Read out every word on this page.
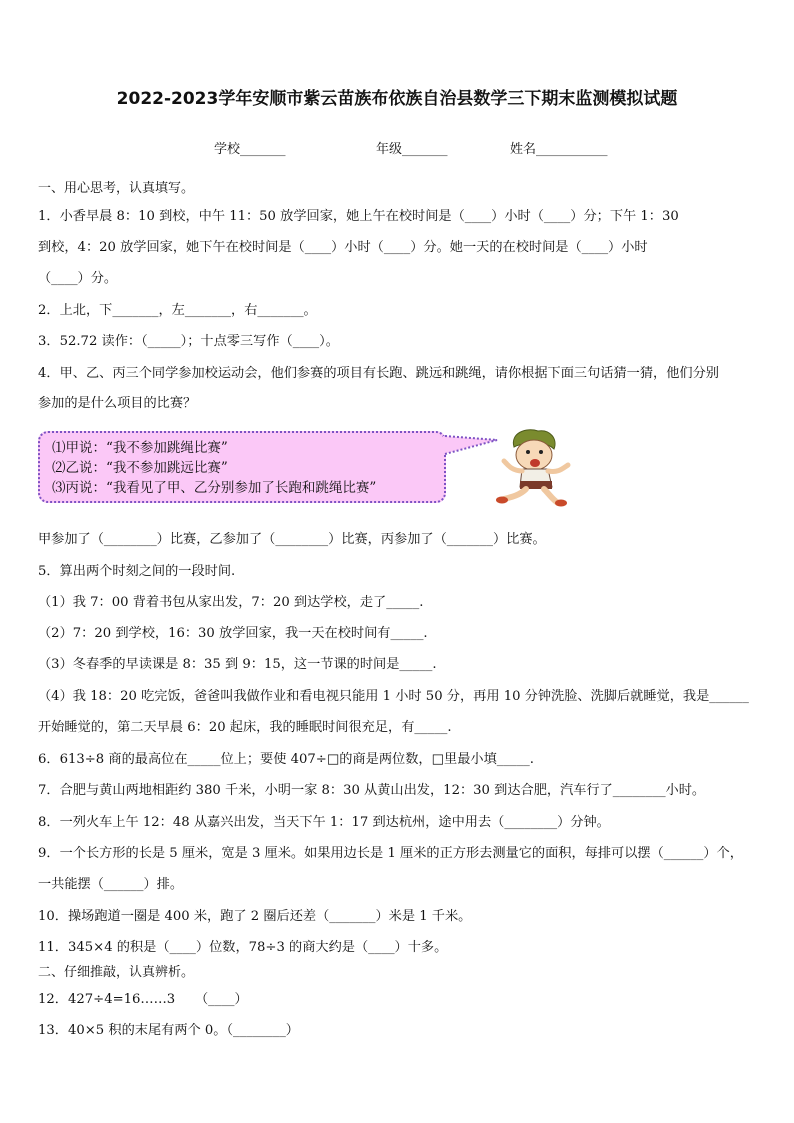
2022-2023学年安顺市紫云苗族布依族自治县数学三下期末监测模拟试题
学校_______	年级_______	姓名___________
一、用心思考，认真填写。
1．小香早晨 8：10 到校，中午 11：50 放学回家，她上午在校时间是（____）小时（____）分；下午 1：30
到校，4：20 放学回家，她下午在校时间是（____）小时（____）分。她一天的在校时间是（____）小时
（____）分。
2．上北，下_______，左_______，右_______。
3．52.72 读作：（_____）；十点零三写作（____）。
4．甲、乙、丙三个同学参加校运动会，他们参赛的项目有长跑、跳远和跳绳，请你根据下面三句话猜一猜，他们分别
参加的是什么项目的比赛？
⑴甲说：“我不参加跳绳比赛”
⑵乙说：“我不参加跳远比赛”
⑶丙说：“我看见了甲、乙分别参加了长跑和跳绳比赛”
甲参加了（________）比赛，乙参加了（________）比赛，丙参加了（_______）比赛。
5．算出两个时刻之间的一段时间.
（1）我 7：00 背着书包从家出发，7：20 到达学校，走了_____.
（2）7：20 到学校，16：30 放学回家，我一天在校时间有_____.
（3）冬春季的早读课是 8：35 到 9：15，这一节课的时间是_____.
（4）我 18：20 吃完饭，爸爸叫我做作业和看电视只能用 1 小时 50 分，再用 10 分钟洗脸、洗脚后就睡觉，我是______
开始睡觉的，第二天早晨 6：20 起床，我的睡眠时间很充足，有_____.
6．613÷8 商的最高位在_____位上；要使 407÷□的商是两位数，□里最小填_____.
7．合肥与黄山两地相距约 380 千米，小明一家 8：30 从黄山出发，12：30 到达合肥，汽车行了________小时。
8．一列火车上午 12：48 从嘉兴出发，当天下午 1：17 到达杭州，途中用去（________）分钟。
9．一个长方形的长是 5 厘米，宽是 3 厘米。如果用边长是 1 厘米的正方形去测量它的面积，每排可以摆（______）个，
一共能摆（______）排。
10．操场跑道一圈是 400 米，跑了 2 圈后还差（_______）米是 1 千米。
11．345×4 的积是（____）位数，78÷3 的商大约是（____）十多。
二、仔细推敲，认真辨析。
12．427÷4=16……3　　（____）
13．40×5 积的末尾有两个 0。（________）
